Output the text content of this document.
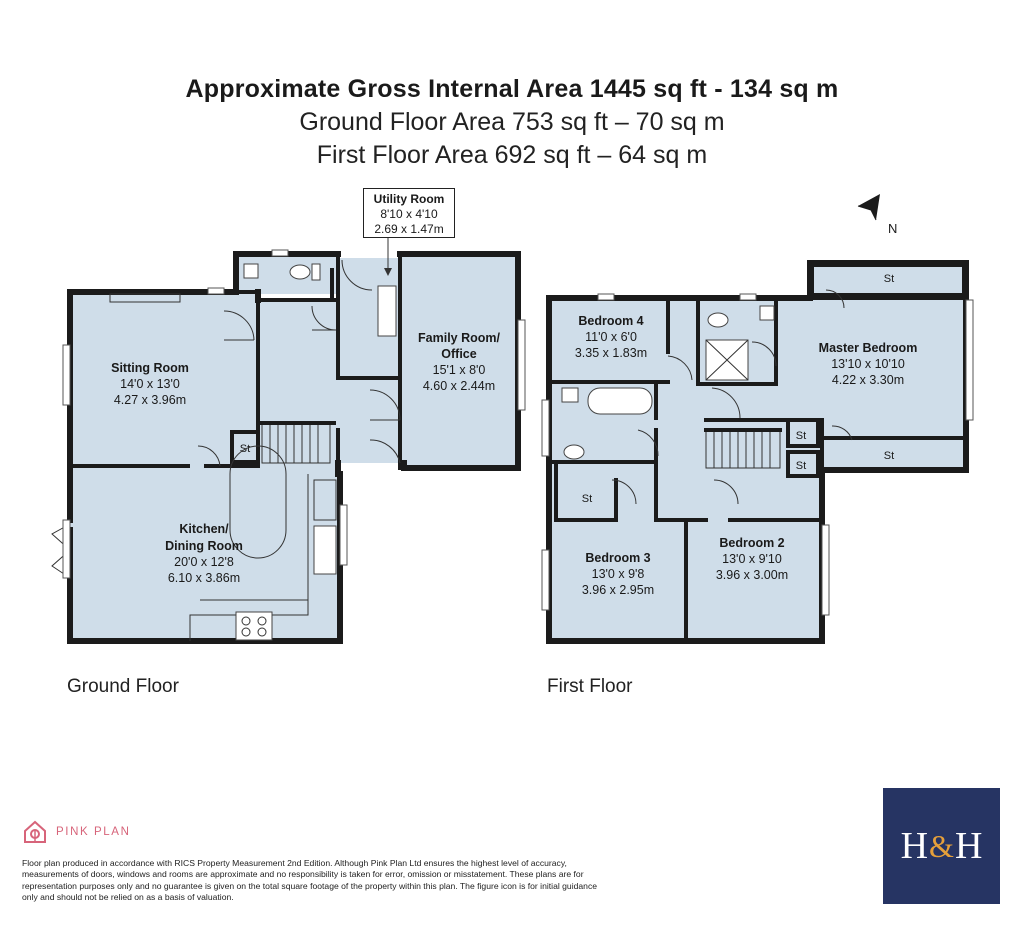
Approximate Gross Internal Area 1445 sq ft - 134 sq m
Ground Floor Area 753 sq ft – 70 sq m
First Floor Area 692 sq ft – 64 sq m
St
Sitting Room
14'0 x 13'0
4.27 x 3.96m
Family Room/
Office
15'1 x 8'0
4.60 x 2.44m
Kitchen/
Dining Room
20'0 x 12'8
6.10 x 3.86m
St
St
St
St
St
Bedroom 4
11'0 x 6'0
3.35 x 1.83m	Master Bedroom
13'10 x 10'10
4.22 x 3.30m
Bedroom 3
13'0 x 9'8
3.96 x 2.95m
Bedroom 2
13'0 x 9'10
3.96 x 3.00m
N
Utility Room
8'10 x 4'10
2.69 x 1.47m
Ground Floor	First Floor
PINK PLAN
Floor plan produced in accordance with RICS Property Measurement 2nd Edition. Although Pink Plan Ltd ensures the highest level of accuracy, measurements of doors, windows and rooms are approximate and no responsibility is taken for error, omission or misstatement. These plans are for representation purposes only and no guarantee is given on the total square footage of the property within this plan. The figure icon is for initial guidance only and should not be relied on as a basis of valuation.
H & H
